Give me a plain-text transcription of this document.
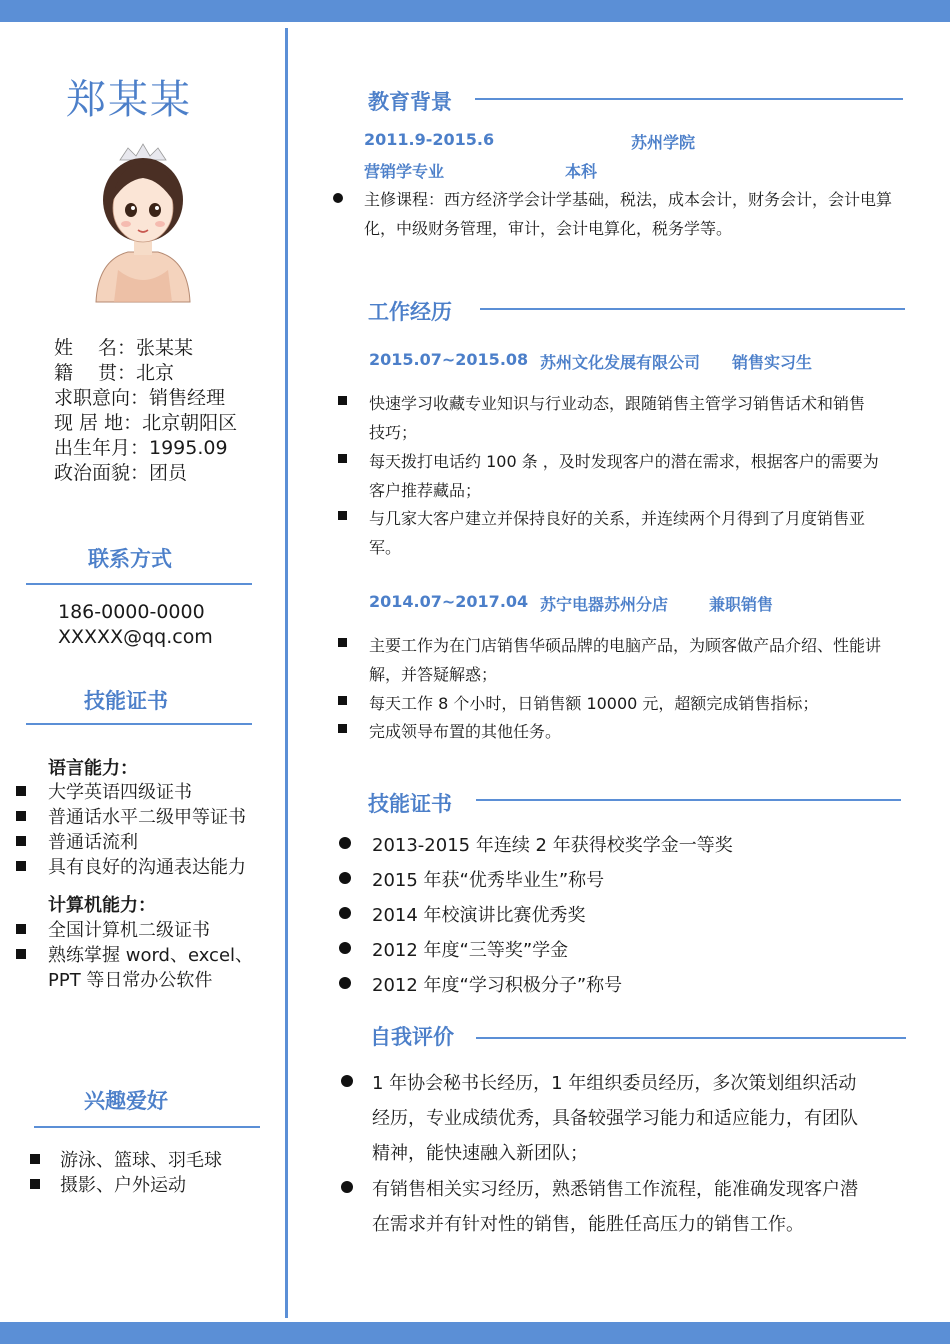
郑某某
姓　 名：张某某
籍　 贯：北京
求职意向：销售经理
现 居 地：北京朝阳区
出生年月：1995.09
政治面貌：团员
联系方式
186-0000-0000
XXXXX@qq.com
技能证书
语言能力：
大学英语四级证书
普通话水平二级甲等证书
普通话流利
具有良好的沟通表达能力
计算机能力：
全国计算机二级证书
熟练掌握 word、excel、
PPT 等日常办公软件
兴趣爱好
游泳、篮球、羽毛球
摄影、户外运动
教育背景
2011.9-2015.6	苏州学院
营销学专业	本科
主修课程：西方经济学会计学基础，税法，成本会计，财务会计，会计电算
化，中级财务管理，审计，会计电算化，税务学等。
工作经历
2015.07~2015.08 苏州文化发展有限公司 销售实习生
快速学习收藏专业知识与行业动态，跟随销售主管学习销售话术和销售
技巧；
每天拨打电话约 100 条 ，及时发现客户的潜在需求，根据客户的需要为
客户推荐藏品；
与几家大客户建立并保持良好的关系，并连续两个月得到了月度销售亚
军。
2014.07~2017.04 苏宁电器苏州分店	兼职销售
主要工作为在门店销售华硕品牌的电脑产品，为顾客做产品介绍、性能讲
解，并答疑解惑；
每天工作 8 个小时，日销售额 10000 元，超额完成销售指标；
完成领导布置的其他任务。
技能证书
2013-2015 年连续 2 年获得校奖学金一等奖
2015 年获“优秀毕业生”称号
2014 年校演讲比赛优秀奖
2012 年度“三等奖”学金
2012 年度“学习积极分子”称号
自我评价
1 年协会秘书长经历，1 年组织委员经历，多次策划组织活动
经历，专业成绩优秀，具备较强学习能力和适应能力，有团队
精神，能快速融入新团队；
有销售相关实习经历，熟悉销售工作流程，能准确发现客户潜
在需求并有针对性的销售，能胜任高压力的销售工作。
